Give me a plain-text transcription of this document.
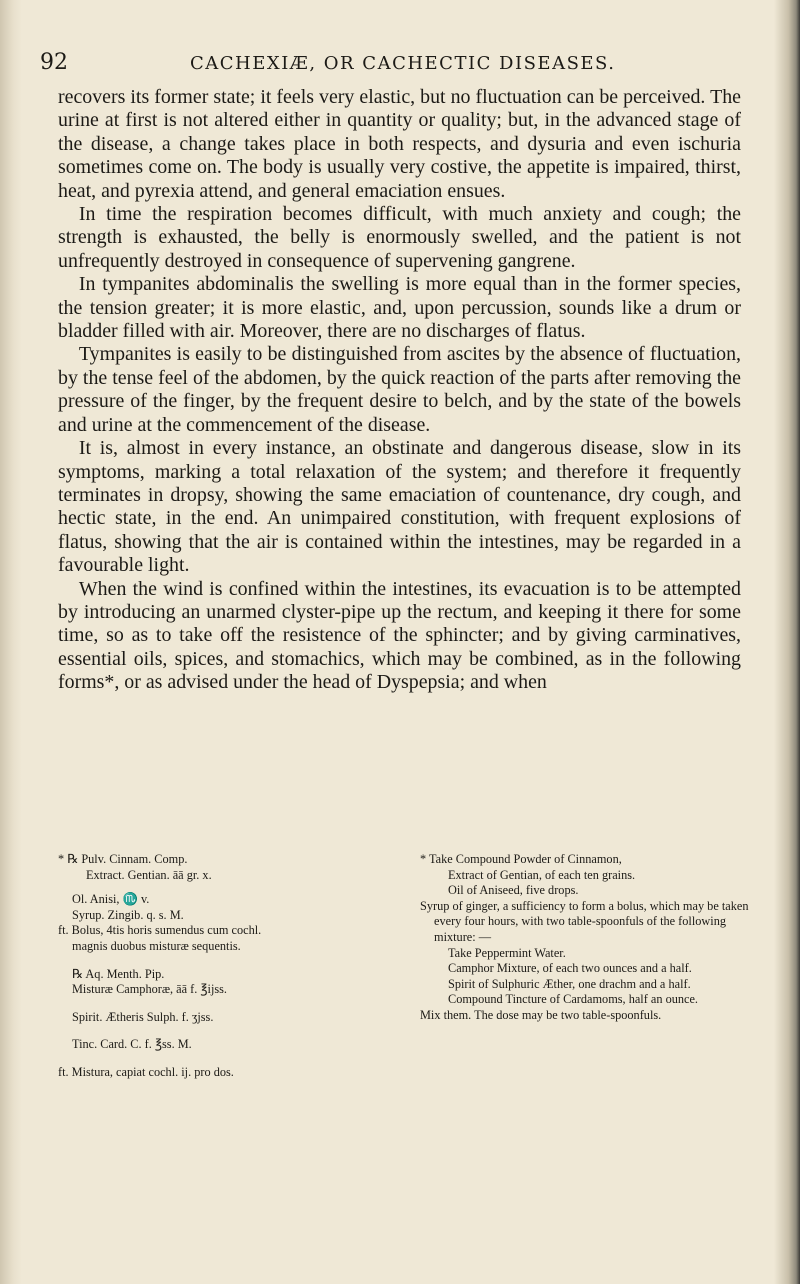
92	CACHEXIÆ, OR CACHECTIC DISEASES.

recovers its former state; it feels very elastic, but no fluctuation can be perceived. The urine at first is not altered either in quantity or quality; but, in the advanced stage of the disease, a change takes place in both respects, and dysuria and even ischuria sometimes come on. The body is usually very costive, the appetite is impaired, thirst, heat, and pyrexia attend, and general emaciation ensues.

In time the respiration becomes difficult, with much anxiety and cough; the strength is exhausted, the belly is enormously swelled, and the patient is not unfrequently destroyed in consequence of supervening gangrene.

In tympanites abdominalis the swelling is more equal than in the former species, the tension greater; it is more elastic, and, upon percussion, sounds like a drum or bladder filled with air. Moreover, there are no discharges of flatus.

Tympanites is easily to be distinguished from ascites by the absence of fluctuation, by the tense feel of the abdomen, by the quick reaction of the parts after removing the pressure of the finger, by the frequent desire to belch, and by the state of the bowels and urine at the commencement of the disease.

It is, almost in every instance, an obstinate and dangerous disease, slow in its symptoms, marking a total relaxation of the system; and therefore it frequently terminates in dropsy, showing the same emaciation of countenance, dry cough, and hectic state, in the end. An unimpaired constitution, with frequent explosions of flatus, showing that the air is contained within the intestines, may be regarded in a favourable light.

When the wind is confined within the intestines, its evacuation is to be attempted by introducing an unarmed clyster-pipe up the rectum, and keeping it there for some time, so as to take off the resistence of the sphincter; and by giving carminatives, essential oils, spices, and stomachics, which may be combined, as in the following forms*, or as advised under the head of Dyspepsia; and when

* ℞ Pulv. Cinnam. Comp.
Extract. Gentian. āā gr. x.
Ol. Anisi, ♏ v.
Syrup. Zingib. q. s. M.
ft. Bolus, 4tis horis sumendus cum cochl.
magnis duobus misturæ sequentis.
℞ Aq. Menth. Pip.
Misturæ Camphoræ, āā f. ℥ijss.
Spirit. Ætheris Sulph. f. ʒjss.
Tinc. Card. C. f. ℥ss. M.
ft. Mistura, capiat cochl. ij. pro dos.
* Take Compound Powder of Cinnamon,
Extract of Gentian, of each ten grains.
Oil of Aniseed, five drops.
Syrup of ginger, a sufficiency to form a bolus, which may be taken every four hours, with two table-spoonfuls of the following mixture: —
Take Peppermint Water.
Camphor Mixture, of each two ounces and a half.
Spirit of Sulphuric Æther, one drachm and a half.
Compound Tincture of Cardamoms, half an ounce.
Mix them. The dose may be two table-spoonfuls.
